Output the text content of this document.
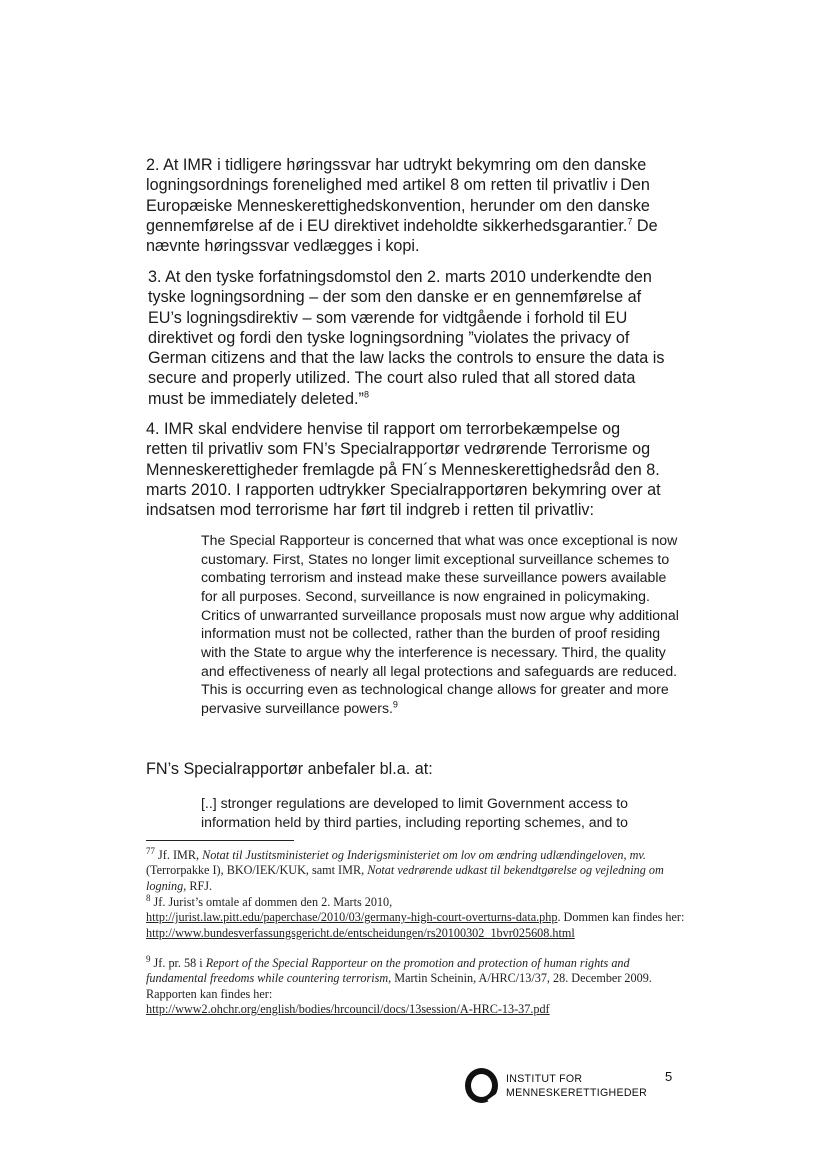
2. At IMR i tidligere høringssvar har udtrykt bekymring om den danske logningsordnings forenelighed med artikel 8 om retten til privatliv i Den Europæiske Menneskerettighedskonvention, herunder om den danske gennemførelse af de i EU direktivet indeholdte sikkerhedsgarantier.$^7$ De nævnte høringssvar vedlægges i kopi.

3. At den tyske forfatningsdomstol den 2. marts 2010 underkendte den tyske logningsordning – der som den danske er en gennemførelse af EU’s logningsdirektiv – som værende for vidtgående i forhold til EU direktivet og fordi den tyske logningsordning ”violates the privacy of German citizens and that the law lacks the controls to ensure the data is secure and properly utilized. The court also ruled that all stored data must be immediately deleted.”$^8$

4. IMR skal endvidere henvise til rapport om terrorbekæmpelse og retten til privatliv som FN’s Specialrapportør vedrørende Terrorisme og Menneskerettigheder fremlagde på FN´s Menneskerettighedsråd den 8. marts 2010. I rapporten udtrykker Specialrapportøren bekymring over at indsatsen mod terrorisme har ført til indgreb i retten til privatliv:

The Special Rapporteur is concerned that what was once exceptional is now customary. First, States no longer limit exceptional surveillance schemes to combating terrorism and instead make these surveillance powers available for all purposes. Second, surveillance is now engrained in policymaking. Critics of unwarranted surveillance proposals must now argue why additional information must not be collected, rather than the burden of proof residing with the State to argue why the interference is necessary. Third, the quality and effectiveness of nearly all legal protections and safeguards are reduced. This is occurring even as technological change allows for greater and more pervasive surveillance powers.$^9$

FN’s Specialrapportør anbefaler bl.a. at:

[..] stronger regulations are developed to limit Government access to information held by third parties, including reporting schemes, and to

$^{77}$ Jf. IMR, Notat til Justitsministeriet og Inderigsministeriet om lov om ændring udlændingeloven, mv. (Terrorpakke I), BKO/IEK/KUK, samt IMR, Notat vedrørende udkast til bekendtgørelse og vejledning om logning, RFJ.

$^8$ Jf. Jurist’s omtale af dommen den 2. Marts 2010,
http://jurist.law.pitt.edu/paperchase/2010/03/germany-high-court-overturns-data.php. Dommen kan findes her:
http://www.bundesverfassungsgericht.de/entscheidungen/rs20100302_1bvr025608.html

$^9$ Jf. pr. 58 i Report of the Special Rapporteur on the promotion and protection of human rights and fundamental freedoms while countering terrorism, Martin Scheinin, A/HRC/13/37, 28. December 2009. Rapporten kan findes her:
http://www2.ohchr.org/english/bodies/hrcouncil/docs/13session/A-HRC-13-37.pdf

INSTITUT FOR
MENNESKERETTIGHEDER
5
